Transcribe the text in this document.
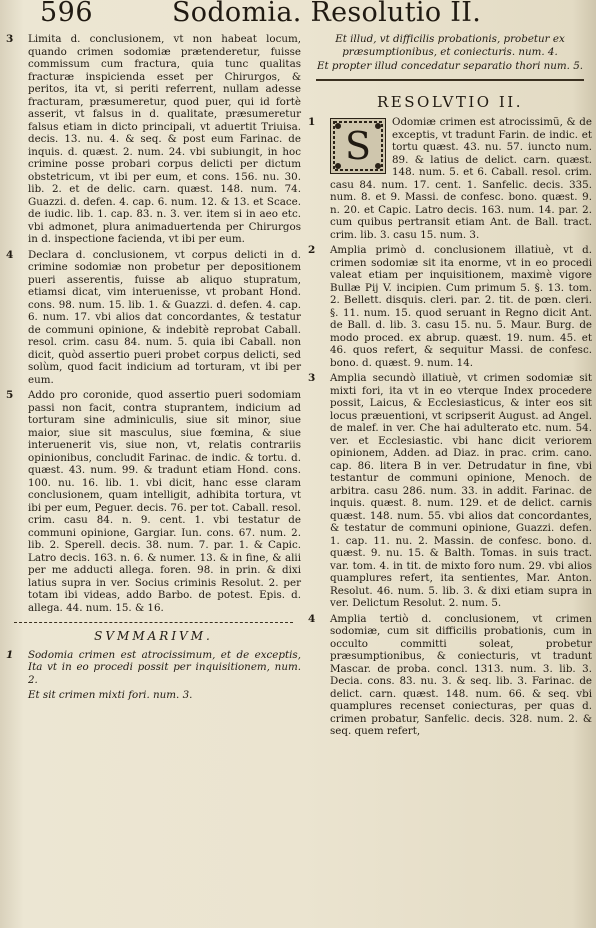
596	Sodomia. Resolutio II.
3 Limita d. conclusionem, vt non habeat locum, quando crimen sodomiæ prætenderetur, fuisse commissum cum fractura, quia tunc qualitas fracturæ inspicienda esset per Chirurgos, & peritos, ita vt, si periti referrent, nullam adesse fracturam, præsumeretur, quod puer, qui id fortè asserit, vt falsus in d. qualitate, præsumeretur falsus etiam in dicto principali, vt aduertit Triuisa. decis. 13. nu. 4. & seq. & post eum Farinac. de inquis. d. quæst. 2. num. 24. vbi subiungit, in hoc crimine posse probari corpus delicti per dictum obstetricum, vt ibi per eum, et cons. 156. nu. 30. lib. 2. et de delic. carn. quæst. 148. num. 74. Guazzi. d. defen. 4. cap. 6. num. 12. & 13. et Scace. de iudic. lib. 1. cap. 83. n. 3. ver. item si in aeo etc. vbi admonet, plura animaduertenda per Chirurgos in d. inspectione facienda, vt ibi per eum.
4 Declara d. conclusionem, vt corpus delicti in d. crimine sodomiæ non probetur per depositionem pueri asserentis, fuisse ab aliquo stupratum, etiamsi dicat, vim interuenisse, vt probant Hond. cons. 98. num. 15. lib. 1. & Guazzi. d. defen. 4. cap. 6. num. 17. vbi alios dat concordantes, & testatur de communi opinione, & indebitè reprobat Caball. resol. crim. casu 84. num. 5. quia ibi Caball. non dicit, quòd assertio pueri probet corpus delicti, sed solùm, quod facit indicium ad torturam, vt ibi per eum.
5 Addo pro coronide, quod assertio pueri sodomiam passi non facit, contra stuprantem, indicium ad torturam sine adminiculis, siue sit minor, siue maior, siue sit masculus, siue fœmina, & siue interuenerit vis, siue non, vt, relatis contrariis opinionibus, concludit Farinac. de indic. & tortu. d. quæst. 43. num. 99. & tradunt etiam Hond. cons. 100. nu. 16. lib. 1. vbi dicit, hanc esse claram conclusionem, quam intelligit, adhibita tortura, vt ibi per eum, Peguer. decis. 76. per tot. Caball. resol. crim. casu 84. n. 9. cent. 1. vbi testatur de communi opinione, Gargiar. Iun. cons. 67. num. 2. lib. 2. Sperell. decis. 38. num. 7. par. 1. & Capic. Latro decis. 163. n. 6. & numer. 13. & in fine, & alii per me adducti allega. foren. 98. in prin. & dixi latius supra in ver. Socius criminis Resolut. 2. per totam ibi videas, addo Barbo. de potest. Epis. d. allega. 44. num. 15. & 16.
SVMMARIVM.
1 Sodomia crimen est atrocissimum, et de exceptis, Ita vt in eo procedi possit per inquisitionem, num. 2.
Et sit crimen mixti fori. num. 3.

Et illud, vt difficilis probationis, probetur ex præsumptionibus, et coniecturis. num. 4.

Et propter illud concedatur separatio thori num. 5.

RESOLVTIO II.
1
S
Odomiæ crimen est atrocissimũ, & de exceptis, vt tradunt Farin. de indic. et tortu quæst. 43. nu. 57. iuncto num. 89. & latius de delict. carn. quæst. 148. num. 5. et 6. Caball. resol. crim. casu 84. num. 17. cent. 1. Sanfelic. decis. 335. num. 8. et 9. Massi. de confesc. bono. quæst. 9. n. 20. et Capic. Latro decis. 163. num. 14. par. 2. cum quibus pertransit etiam Ant. de Ball. tract. crim. lib. 3. casu 15. num. 3.
2 Amplia primò d. conclusionem illatiuè, vt d. crimen sodomiæ sit ita enorme, vt in eo procedi valeat etiam per inquisitionem, maximè vigore Bullæ Pij V. incipien. Cum primum 5. §. 13. tom. 2. Bellett. disquis. cleri. par. 2. tit. de pœn. cleri. §. 11. num. 15. quod seruant in Regno dicit Ant. de Ball. d. lib. 3. casu 15. nu. 5. Maur. Burg. de modo proced. ex abrup. quæst. 19. num. 45. et 46. quos refert, & sequitur Massi. de confesc. bono. d. quæst. 9. num. 14.
3 Amplia secundò illatiuè, vt crimen sodomiæ sit mixti fori, ita vt in eo vterque Index procedere possit, Laicus, & Ecclesiasticus, & inter eos sit locus præuentioni, vt scripserit August. ad Angel. de malef. in ver. Che hai adulterato etc. num. 54. ver. et Ecclesiastic. vbi hanc dicit veriorem opinionem, Adden. ad Diaz. in prac. crim. cano. cap. 86. litera B in ver. Detrudatur in fine, vbi testantur de communi opinione, Menoch. de arbitra. casu 286. num. 33. in addit. Farinac. de inquis. quæst. 8. num. 129. et de delict. carnis quæst. 148. num. 55. vbi alios dat concordantes, & testatur de communi opinione, Guazzi. defen. 1. cap. 11. nu. 2. Massin. de confesc. bono. d. quæst. 9. nu. 15. & Balth. Tomas. in suis tract. var. tom. 4. in tit. de mixto foro num. 29. vbi alios quamplures refert, ita sentientes, Mar. Anton. Resolut. 46. num. 5. lib. 3. & dixi etiam supra in ver. Delictum Resolut. 2. num. 5.
4 Amplia tertiò d. conclusionem, vt crimen sodomiæ, cum sit difficilis probationis, cum in occulto committi soleat, probetur præsumptionibus, & coniecturis, vt tradunt Mascar. de proba. concl. 1313. num. 3. lib. 3. Decia. cons. 83. nu. 3. & seq. lib. 3. Farinac. de delict. carn. quæst. 148. num. 66. & seq. vbi quamplures recenset coniecturas, per quas d. crimen probatur, Sanfelic. decis. 328. num. 2. & seq. quem refert,
